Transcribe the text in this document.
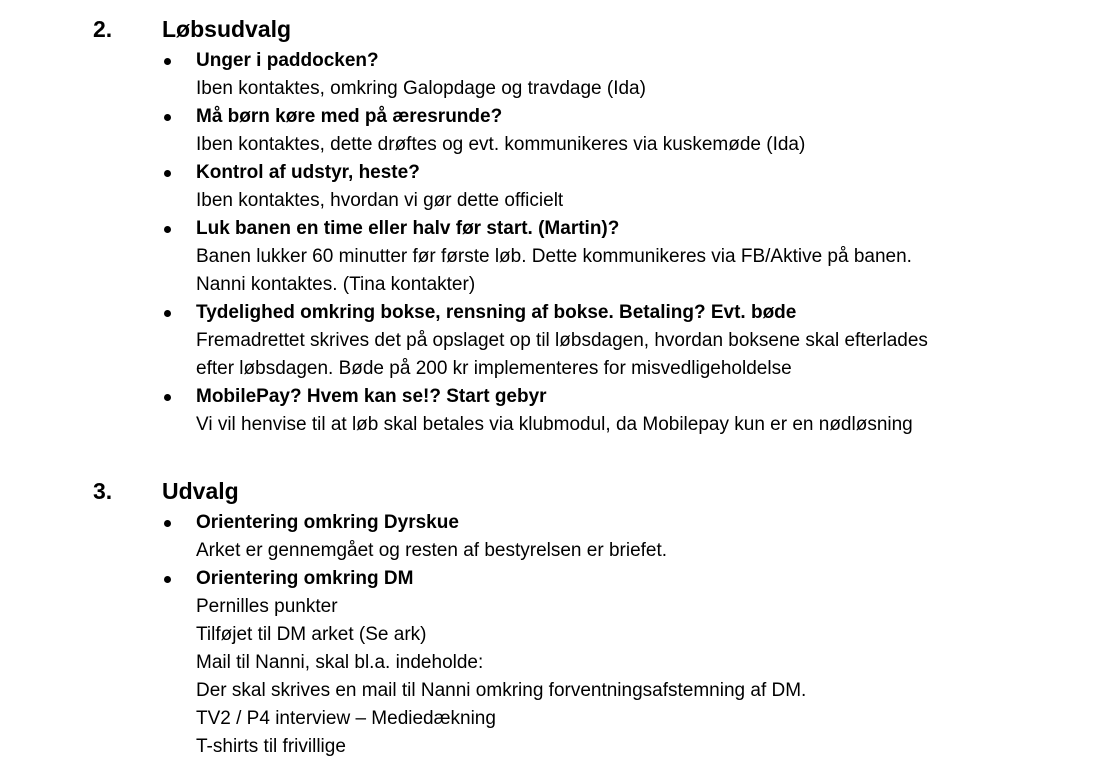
2. Løbsudvalg
Unger i paddocken?
Iben kontaktes, omkring Galopdage og travdage (Ida)
Må børn køre med på æresrunde?
Iben kontaktes, dette drøftes og evt. kommunikeres via kuskemøde (Ida)
Kontrol af udstyr, heste?
Iben kontaktes, hvordan vi gør dette officielt
Luk banen en time eller halv før start. (Martin)?
Banen lukker 60 minutter før første løb. Dette kommunikeres via FB/Aktive på banen.
Nanni kontaktes. (Tina kontakter)
Tydelighed omkring bokse, rensning af bokse. Betaling? Evt. bøde
Fremadrettet skrives det på opslaget op til løbsdagen, hvordan boksene skal efterlades
efter løbsdagen. Bøde på 200 kr implementeres for misvedligeholdelse
MobilePay? Hvem kan se!? Start gebyr
Vi vil henvise til at løb skal betales via klubmodul, da Mobilepay kun er en nødløsning
3. Udvalg
Orientering omkring Dyrskue
Arket er gennemgået og resten af bestyrelsen er briefet.
Orientering omkring DM
Pernilles punkter
Tilføjet til DM arket (Se ark)
Mail til Nanni, skal bl.a. indeholde:
Der skal skrives en mail til Nanni omkring forventningsafstemning af DM.
TV2 / P4 interview – Mediedækning
T-shirts til frivillige
